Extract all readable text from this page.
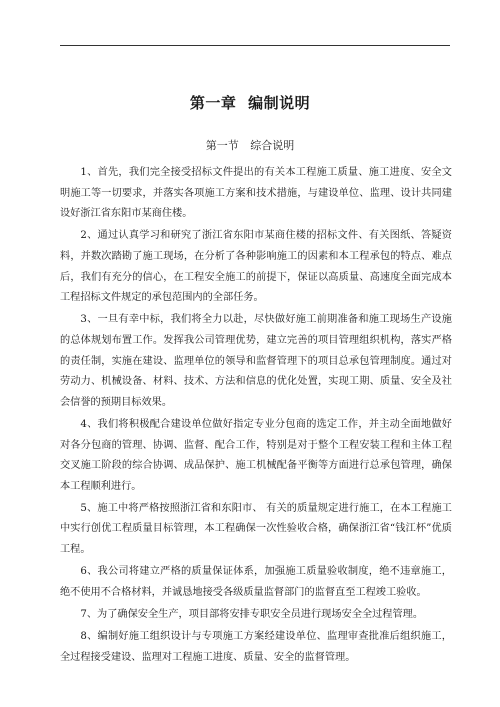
第一章 编制说明
第一节 综合说明

1、首先，我们完全接受招标文件提出的有关本工程施工质量、施工进度、安全文明施工等一切要求，并落实各项施工方案和技术措施，与建设单位、监理、设计共同建设好浙江省东阳市某商住楼。

2、通过认真学习和研究了浙江省东阳市某商住楼的招标文件、有关图纸、答疑资料，并数次踏勘了施工现场，在分析了各种影响施工的因素和本工程承包的特点、难点后，我们有充分的信心，在工程安全施工的前提下，保证以高质量、高速度全面完成本工程招标文件规定的承包范围内的全部任务。

3、一旦有幸中标，我们将全力以赴，尽快做好施工前期准备和施工现场生产设施的总体规划布置工作。发挥我公司管理优势，建立完善的项目管理组织机构，落实严格的责任制，实施在建设、监理单位的领导和监督管理下的项目总承包管理制度。通过对劳动力、机械设备、材料、技术、方法和信息的优化处置，实现工期、质量、安全及社会信誉的预期目标效果。

4、我们将积极配合建设单位做好指定专业分包商的选定工作，并主动全面地做好对各分包商的管理、协调、监督、配合工作，特别是对于整个工程安装工程和主体工程交叉施工阶段的综合协调、成品保护、施工机械配备平衡等方面进行总承包管理，确保本工程顺利进行。

5、施工中将严格按照浙江省和东阳市、 有关的质量规定进行施工，在本工程施工中实行创优工程质量目标管理，本工程确保一次性验收合格，确保浙江省“钱江杯”优质工程。

6、我公司将建立严格的质量保证体系，加强施工质量验收制度，绝不违章施工，绝不使用不合格材料，并诚恳地接受各级质量监督部门的监督直至工程竣工验收。

7、为了确保安全生产，项目部将安排专职安全员进行现场安全全过程管理。

8、编制好施工组织设计与专项施工方案经建设单位、监理审查批准后组织施工，全过程接受建设、监理对工程施工进度、质量、安全的监督管理。
